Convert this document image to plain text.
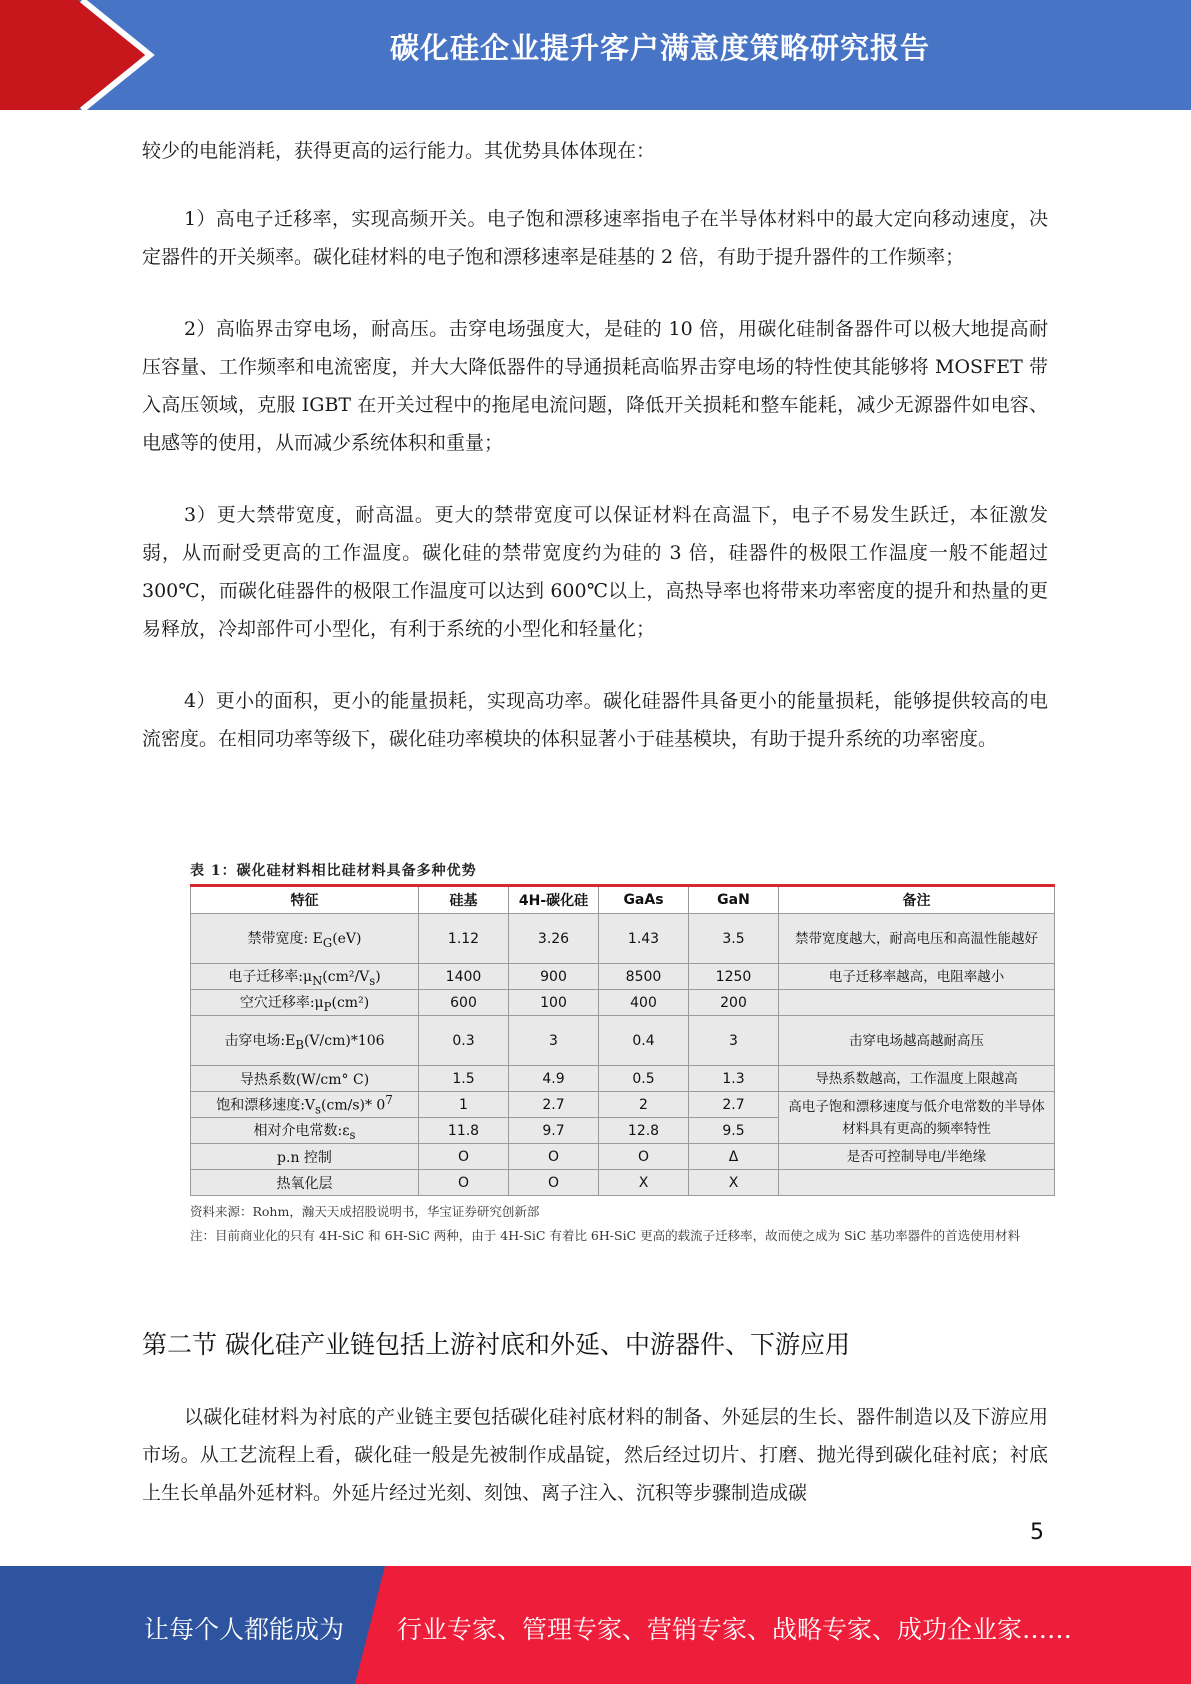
碳化硅企业提升客户满意度策略研究报告

较少的电能消耗，获得更高的运行能力。其优势具体体现在：

1）高电子迁移率，实现高频开关。电子饱和漂移速率指电子在半导体材料中的最大定向移动速度，决定器件的开关频率。碳化硅材料的电子饱和漂移速率是硅基的 2 倍，有助于提升器件的工作频率；

2）高临界击穿电场，耐高压。击穿电场强度大，是硅的 10 倍，用碳化硅制备器件可以极大地提高耐压容量、工作频率和电流密度，并大大降低器件的导通损耗高临界击穿电场的特性使其能够将 MOSFET 带入高压领域，克服 IGBT 在开关过程中的拖尾电流问题，降低开关损耗和整车能耗，减少无源器件如电容、电感等的使用，从而减少系统体积和重量；

3）更大禁带宽度，耐高温。更大的禁带宽度可以保证材料在高温下，电子不易发生跃迁，本征激发弱，从而耐受更高的工作温度。碳化硅的禁带宽度约为硅的 3 倍，硅器件的极限工作温度一般不能超过 300℃，而碳化硅器件的极限工作温度可以达到 600℃以上，高热导率也将带来功率密度的提升和热量的更易释放，冷却部件可小型化，有利于系统的小型化和轻量化；

4）更小的面积，更小的能量损耗，实现高功率。碳化硅器件具备更小的能量损耗，能够提供较高的电流密度。在相同功率等级下，碳化硅功率模块的体积显著小于硅基模块，有助于提升系统的功率密度。

表 1：碳化硅材料相比硅材料具备多种优势
特征	硅基	4H-碳化硅	GaAs	GaN	备注
禁带宽度: $E_G(eV)$	1.12	3.26	1.43	3.5	禁带宽度越大，耐高电压和高温性能越好
电子迁移率$:\mu_N(cm^2/V_s)$	1400	900	8500	1250	电子迁移率越高，电阻率越小
空穴迁移率$:\mu_P(cm^2)$	600	100	400	200	
击穿电场$:E_B(V/cm)*106$	0.3	3	0.4	3	击穿电场越高越耐高压
导热系数(W/cm° C)	1.5	4.9	0.5	1.3	导热系数越高，工作温度上限越高
饱和漂移速度$:V_s(cm/s)*$ $0^7$	1	2.7	2	2.7	高电子饱和漂移速度与低介电常数的半导体材料具有更高的频率特性
相对介电常数$:\varepsilon_s$	11.8	9.7	12.8	9.5	
p.n 控制	O	O	O	Δ	是否可控制导电/半绝缘
热氧化层	O	O	X	X	
资料来源：Rohm，瀚天天成招股说明书，华宝证券研究创新部
注：目前商业化的只有 4H-SiC 和 6H-SiC 两种，由于 4H-SiC 有着比 6H-SiC 更高的载流子迁移率，故而使之成为 SiC 基功率器件的首选使用材料
第二节 碳化硅产业链包括上游衬底和外延、中游器件、下游应用

以碳化硅材料为衬底的产业链主要包括碳化硅衬底材料的制备、外延层的生长、器件制造以及下游应用市场。从工艺流程上看，碳化硅一般是先被制作成晶锭，然后经过切片、打磨、抛光得到碳化硅衬底；衬底上生长单晶外延材料。外延片经过光刻、刻蚀、离子注入、沉积等步骤制造成碳

5
让每个人都能成为 行业专家、管理专家、营销专家、战略专家、成功企业家……
